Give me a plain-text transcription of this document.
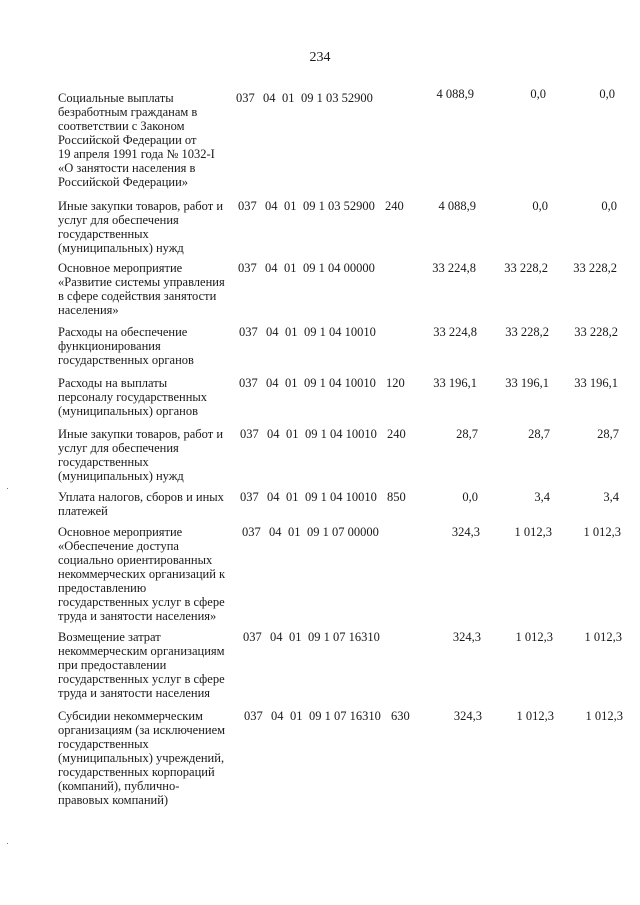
234
Социальные выплаты
безработным гражданам в
соответствии с Законом
Российской Федерации от
19 апреля 1991 года № 1032-I
«О занятости населения в
Российской Федерации»
037 04 01 09 1 03 52900	4 088,9	0,0	0,0
Иные закупки товаров, работ и
услуг для обеспечения
государственных
(муниципальных) нужд
037 04 01 09 1 03 52900 240	4 088,9	0,0	0,0
Основное мероприятие
«Развитие системы управления
в сфере содействия занятости
населения»
037 04 01 09 1 04 00000	33 224,8	33 228,2	33 228,2
Расходы на обеспечение
функционирования
государственных органов
037 04 01 09 1 04 10010	33 224,8	33 228,2	33 228,2
Расходы на выплаты
персоналу государственных
(муниципальных) органов
037 04 01 09 1 04 10010 120	33 196,1	33 196,1	33 196,1
Иные закупки товаров, работ и
услуг для обеспечения
государственных
(муниципальных) нужд
037 04 01 09 1 04 10010 240	28,7	28,7	28,7
Уплата налогов, сборов и иных
платежей
037 04 01 09 1 04 10010 850	0,0	3,4	3,4
Основное мероприятие
«Обеспечение доступа
социально ориентированных
некоммерческих организаций к
предоставлению
государственных услуг в сфере
труда и занятости населения»
037 04 01 09 1 07 00000	324,3	1 012,3	1 012,3
Возмещение затрат
некоммерческим организациям
при предоставлении
государственных услуг в сфере
труда и занятости населения
037 04 01 09 1 07 16310	324,3	1 012,3	1 012,3
Субсидии некоммерческим
организациям (за исключением
государственных
(муниципальных) учреждений,
государственных корпораций
(компаний), публично-
правовых компаний)
037 04 01 09 1 07 16310 630	324,3	1 012,3	1 012,3
